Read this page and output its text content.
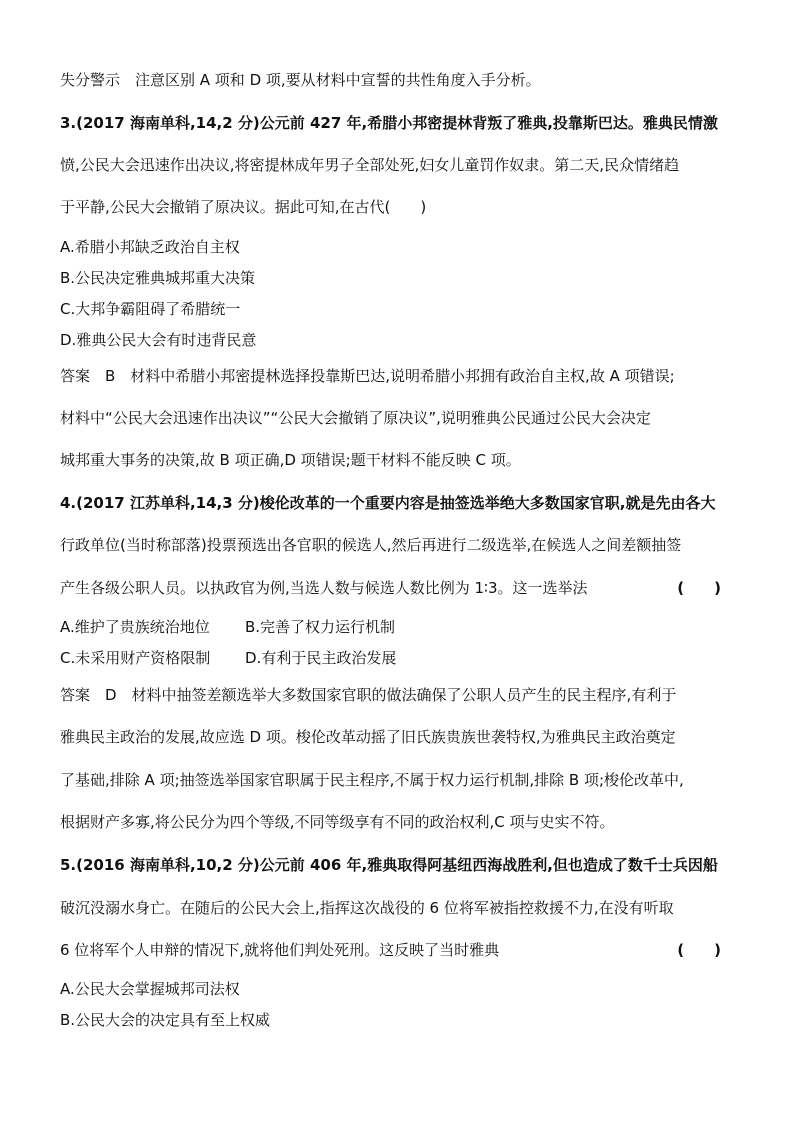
失分警示　注意区别 A 项和 D 项,要从材料中宣誓的共性角度入手分析。
3.(2017 海南单科,14,2 分)公元前 427 年,希腊小邦密提林背叛了雅典,投靠斯巴达。雅典民情激
愤,公民大会迅速作出决议,将密提林成年男子全部处死,妇女儿童罚作奴隶。第二天,民众情绪趋
于平静,公民大会撤销了原决议。据此可知,在古代(　　)
A.希腊小邦缺乏政治自主权
B.公民决定雅典城邦重大决策
C.大邦争霸阻碍了希腊统一
D.雅典公民大会有时违背民意
答案　B　材料中希腊小邦密提林选择投靠斯巴达,说明希腊小邦拥有政治自主权,故 A 项错误;
材料中“公民大会迅速作出决议”“公民大会撤销了原决议”,说明雅典公民通过公民大会决定
城邦重大事务的决策,故 B 项正确,D 项错误;题干材料不能反映 C 项。
4.(2017 江苏单科,14,3 分)梭伦改革的一个重要内容是抽签选举绝大多数国家官职,就是先由各大
行政单位(当时称部落)投票预选出各官职的候选人,然后再进行二级选举,在候选人之间差额抽签
产生各级公职人员。以执政官为例,当选人数与候选人数比例为 1∶3。这一选举法	(　　)
A.维护了贵族统治地位	B.完善了权力运行机制
C.未采用财产资格限制	D.有利于民主政治发展
答案　D　材料中抽签差额选举大多数国家官职的做法确保了公职人员产生的民主程序,有利于
雅典民主政治的发展,故应选 D 项。梭伦改革动摇了旧氏族贵族世袭特权,为雅典民主政治奠定
了基础,排除 A 项;抽签选举国家官职属于民主程序,不属于权力运行机制,排除 B 项;梭伦改革中,
根据财产多寡,将公民分为四个等级,不同等级享有不同的政治权利,C 项与史实不符。
5.(2016 海南单科,10,2 分)公元前 406 年,雅典取得阿基纽西海战胜利,但也造成了数千士兵因船
破沉没溺水身亡。在随后的公民大会上,指挥这次战役的 6 位将军被指控救援不力,在没有听取
6 位将军个人申辩的情况下,就将他们判处死刑。这反映了当时雅典	(　　)
A.公民大会掌握城邦司法权
B.公民大会的决定具有至上权威
